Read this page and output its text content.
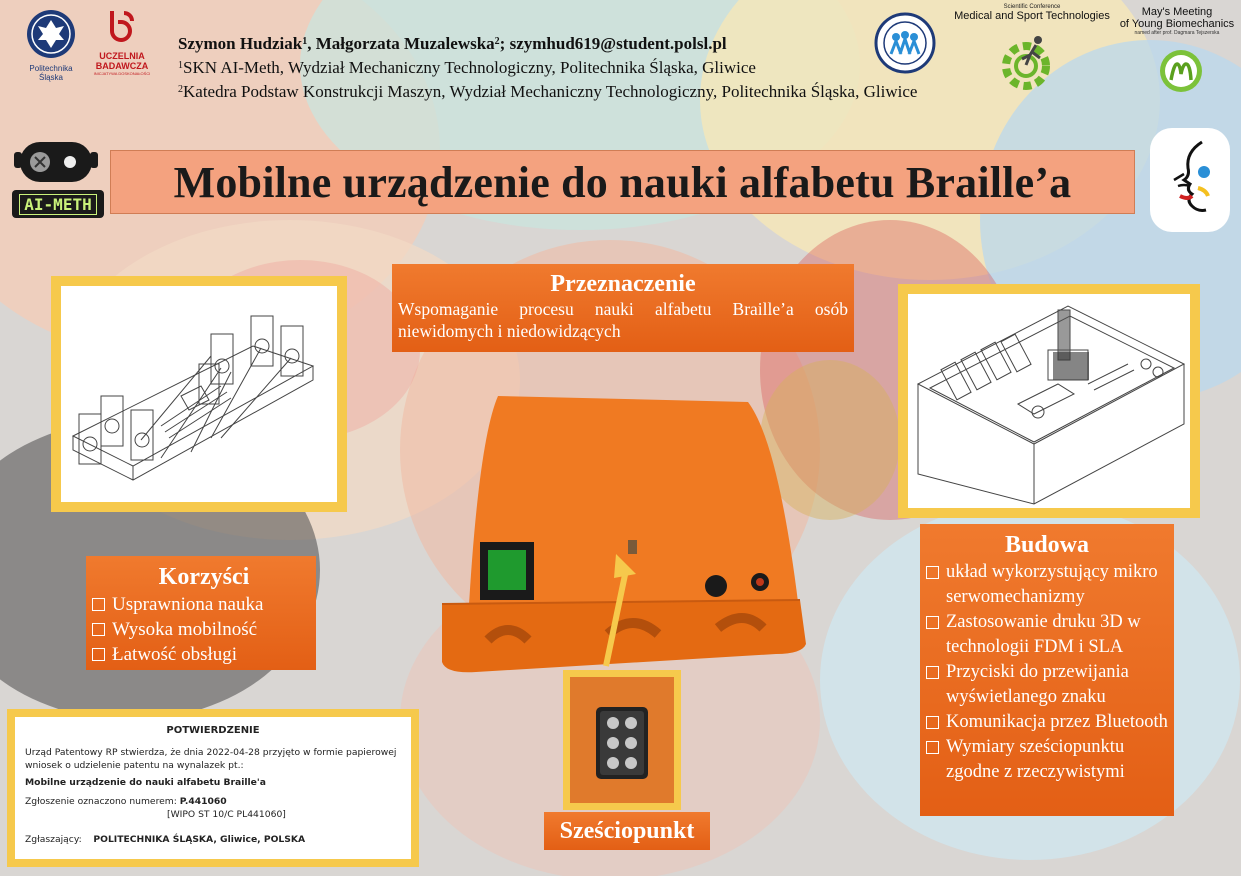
Politechnika Śląska
UCZELNIA
BADAWCZA
INICJATYWA DOSKONAŁOŚCI
Szymon Hudziak$^1$, Małgorzata Muzalewska$^2$; szymhud619@student.polsl.pl
$^1$SKN AI-Meth, Wydział Mechaniczny Technologiczny, Politechnika Śląska, Gliwice
$^2$Katedra Podstaw Konstrukcji Maszyn, Wydział Mechaniczny Technologiczny, Politechnika Śląska, Gliwice
Scientific Conference
Medical and Sport Technologies	May's Meeting
of Young Biomechanics
named after prof. Dagmara Tejszerska
AI-METH Mobilne urządzenie do nauki alfabetu Braille’a
Przeznaczenie
Wspomaganie procesu nauki alfabetu Braille’a osób niewidomych i niedowidzących
Korzyści
Usprawniona nauka
Wysoka mobilność
Łatwość obsługi
Budowa
układ wykorzystujący mikro serwomechanizmy
Zastosowanie druku 3D w technologii FDM i SLA
Przyciski do przewijania wyświetlanego znaku
Komunikacja przez Bluetooth
Wymiary sześciopunktu zgodne z rzeczywistymi
Sześciopunkt
POTWIERDZENIE

Urząd Patentowy RP stwierdza, że dnia 2022-04-28 przyjęto w formie papierowej wniosek o udzielenie patentu na wynalazek pt.:

Mobilne urządzenie do nauki alfabetu Braille'a

Zgłoszenie oznaczono numerem: P.441060

[WIPO ST 10/C PL441060]

Zgłaszający: POLITECHNIKA ŚLĄSKA, Gliwice, POLSKA
